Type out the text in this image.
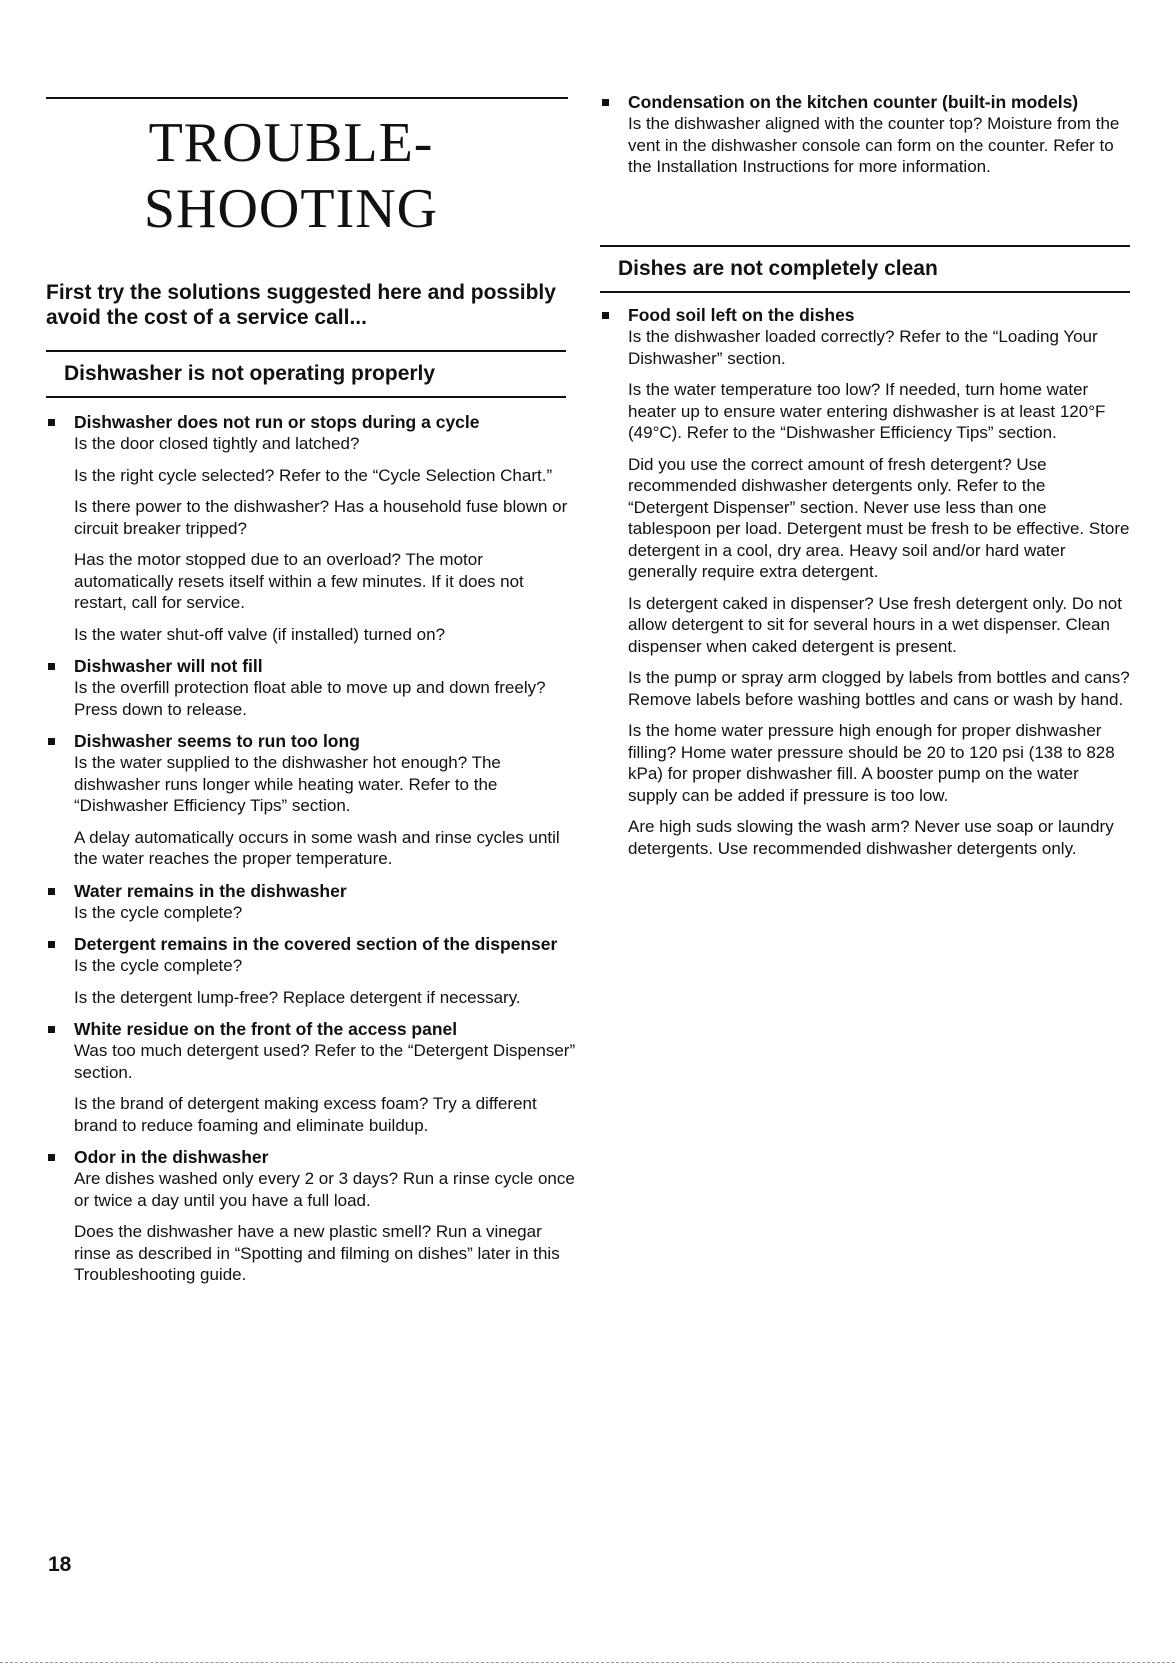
TROUBLE-
SHOOTING
First try the solutions suggested here and possibly avoid the cost of a service call...
Dishwasher is not operating properly
Dishwasher does not run or stops during a cycle

Is the door closed tightly and latched?

Is the right cycle selected? Refer to the “Cycle Selection Chart.”

Is there power to the dishwasher? Has a household fuse blown or circuit breaker tripped?

Has the motor stopped due to an overload? The motor automatically resets itself within a few minutes. If it does not restart, call for service.

Is the water shut-off valve (if installed) turned on?

Dishwasher will not fill

Is the overfill protection float able to move up and down freely? Press down to release.

Dishwasher seems to run too long

Is the water supplied to the dishwasher hot enough? The dishwasher runs longer while heating water. Refer to the “Dishwasher Efficiency Tips” section.

A delay automatically occurs in some wash and rinse cycles until the water reaches the proper temperature.

Water remains in the dishwasher

Is the cycle complete?

Detergent remains in the covered section of the dispenser

Is the cycle complete?

Is the detergent lump-free? Replace detergent if necessary.

White residue on the front of the access panel

Was too much detergent used? Refer to the “Detergent Dispenser” section.

Is the brand of detergent making excess foam? Try a different brand to reduce foaming and eliminate buildup.

Odor in the dishwasher

Are dishes washed only every 2 or 3 days? Run a rinse cycle once or twice a day until you have a full load.

Does the dishwasher have a new plastic smell? Run a vinegar rinse as described in “Spotting and filming on dishes” later in this Troubleshooting guide.

Condensation on the kitchen counter (built-in models)

Is the dishwasher aligned with the counter top? Moisture from the vent in the dishwasher console can form on the counter. Refer to the Installation Instructions for more information.

Dishes are not completely clean
Food soil left on the dishes

Is the dishwasher loaded correctly? Refer to the “Loading Your Dishwasher” section.

Is the water temperature too low? If needed, turn home water heater up to ensure water entering dishwasher is at least 120°F (49°C). Refer to the “Dishwasher Efficiency Tips” section.

Did you use the correct amount of fresh detergent? Use recommended dishwasher detergents only. Refer to the “Detergent Dispenser” section. Never use less than one tablespoon per load. Detergent must be fresh to be effective. Store detergent in a cool, dry area. Heavy soil and/or hard water generally require extra detergent.

Is detergent caked in dispenser? Use fresh detergent only. Do not allow detergent to sit for several hours in a wet dispenser. Clean dispenser when caked detergent is present.

Is the pump or spray arm clogged by labels from bottles and cans? Remove labels before washing bottles and cans or wash by hand.

Is the home water pressure high enough for proper dishwasher filling? Home water pressure should be 20 to 120 psi (138 to 828 kPa) for proper dishwasher fill. A booster pump on the water supply can be added if pressure is too low.

Are high suds slowing the wash arm? Never use soap or laundry detergents. Use recommended dishwasher detergents only.

18
